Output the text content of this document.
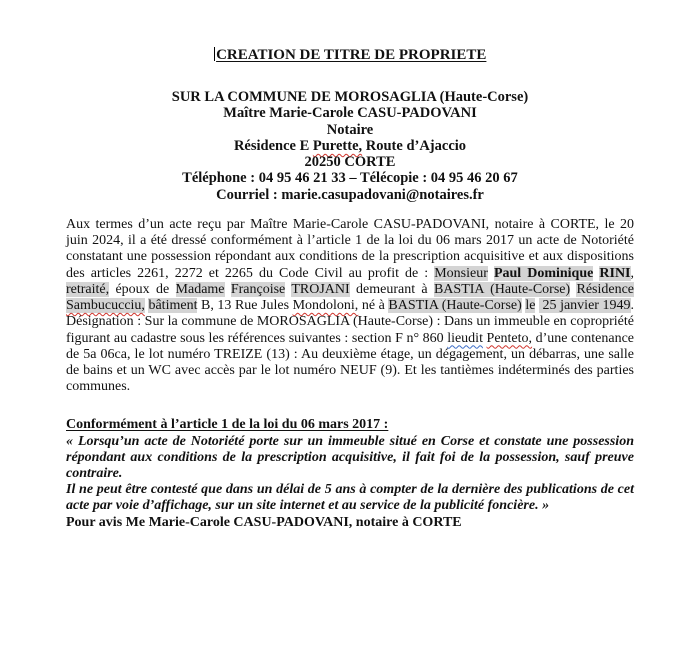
CREATION DE TITRE DE PROPRIETE

SUR LA COMMUNE DE MOROSAGLIA (Haute-Corse)

Maître Marie-Carole CASU-PADOVANI

Notaire

Résidence E Purette, Route d’Ajaccio

20250 CORTE

Téléphone : 04 95 46 21 33 – Télécopie : 04 95 46 20 67

Courriel : marie.casupadovani@notaires.fr

Aux termes d’un acte reçu par Maître Marie-Carole CASU-PADOVANI, notaire à CORTE, le 20 juin 2024, il a été dressé conformément à l’article 1 de la loi du 06 mars 2017 un acte de Notoriété constatant une possession répondant aux conditions de la prescription acquisitive et aux dispositions des articles 2261, 2272 et 2265 du Code Civil au profit de : Monsieur Paul Dominique RINI, retraité, époux de Madame Françoise TROJANI demeurant à BASTIA (Haute-Corse) Résidence Sambucucciu, bâtiment B, 13 Rue Jules Mondoloni, né à BASTIA (Haute-Corse) le  25 janvier 1949. Désignation : Sur la commune de MOROSAGLIA (Haute-Corse) : Dans un immeuble en copropriété figurant au cadastre sous les références suivantes : section F n° 860 lieudit Penteto, d’une contenance de 5a 06ca, le lot numéro TREIZE (13) : Au deuxième étage, un dégagement, un débarras, une salle de bains et un WC avec accès par le lot numéro NEUF (9). Et les tantièmes indéterminés des parties communes.

Conformément à l’article 1 de la loi du 06 mars 2017 :

« Lorsqu’un acte de Notoriété porte sur un immeuble situé en Corse et constate une possession répondant aux conditions de la prescription acquisitive, il fait foi de la possession, sauf preuve contraire.

Il ne peut être contesté que dans un délai de 5 ans à compter de la dernière des publications de cet acte par voie d’affichage, sur un site internet et au service de la publicité foncière. »

Pour avis Me Marie-Carole CASU-PADOVANI, notaire à CORTE
